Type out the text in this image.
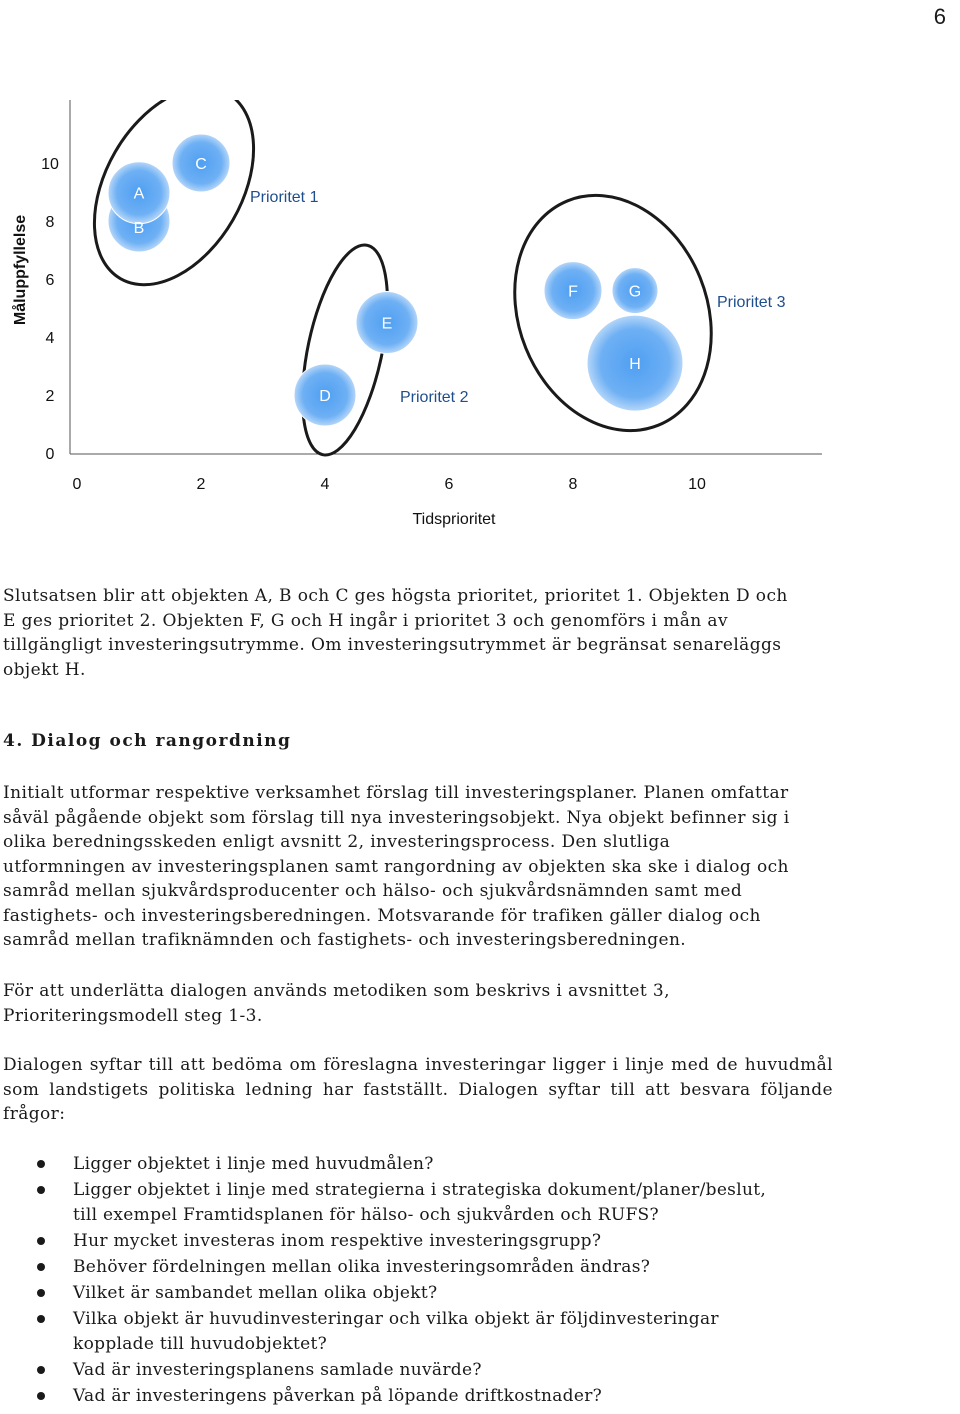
6
Prioritet 1
Prioritet 2
Prioritet 3
B
A
C
D
E
F	G
H
0
2
4
6
8
10
0	2	4	6	8	10
Tidsprioritet
Måluppfyllelse
Slutsatsen blir att objekten A, B och C ges högsta prioritet, prioritet 1. Objekten D och
E ges prioritet 2. Objekten F, G och H ingår i prioritet 3 och genomförs i mån av
tillgängligt investeringsutrymme. Om investeringsutrymmet är begränsat senareläggs
objekt H.
4. Dialog och rangordning
Initialt utformar respektive verksamhet förslag till investeringsplaner. Planen omfattar
såväl pågående objekt som förslag till nya investeringsobjekt. Nya objekt befinner sig i
olika beredningsskeden enligt avsnitt 2, investeringsprocess. Den slutliga
utformningen av investeringsplanen samt rangordning av objekten ska ske i dialog och
samråd mellan sjukvårdsproducenter och hälso- och sjukvårdsnämnden samt med
fastighets- och investeringsberedningen. Motsvarande för trafiken gäller dialog och
samråd mellan trafiknämnden och fastighets- och investeringsberedningen.
För att underlätta dialogen används metodiken som beskrivs i avsnittet 3,
Prioriteringsmodell steg 1-3.
Dialogen syftar till att bedöma om föreslagna investeringar ligger i linje med de huvudmål som landstigets politiska ledning har fastställt. Dialogen syftar till att besvara följande frågor:
Ligger objektet i linje med huvudmålen?
Ligger objektet i linje med strategierna i strategiska dokument/planer/beslut,
till exempel Framtidsplanen för hälso- och sjukvården och RUFS?
Hur mycket investeras inom respektive investeringsgrupp?
Behöver fördelningen mellan olika investeringsområden ändras?
Vilket är sambandet mellan olika objekt?
Vilka objekt är huvudinvesteringar och vilka objekt är följdinvesteringar
kopplade till huvudobjektet?
Vad är investeringsplanens samlade nuvärde?
Vad är investeringens påverkan på löpande driftkostnader?
